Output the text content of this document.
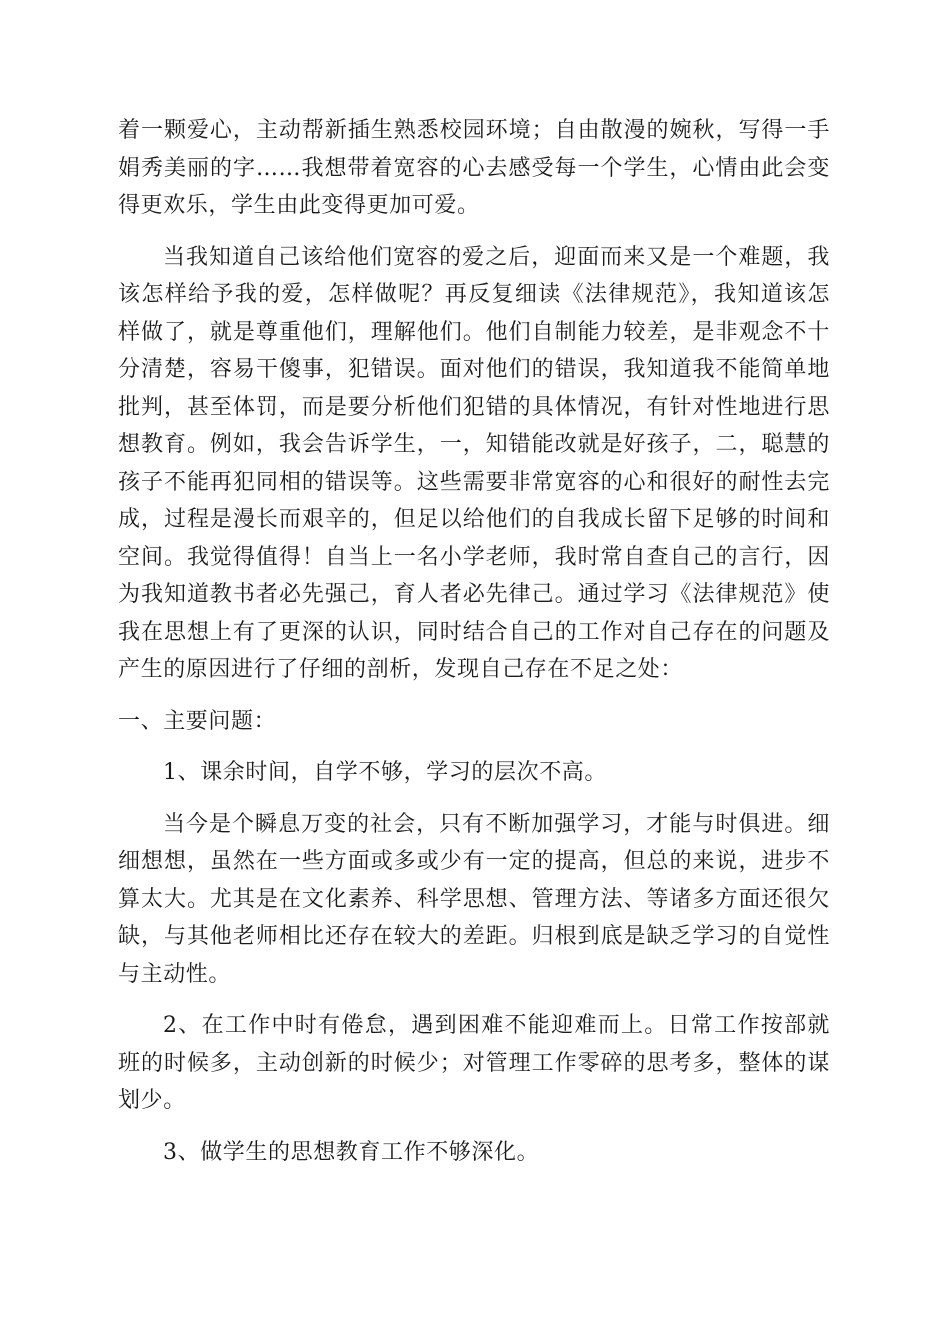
着一颗爱心，主动帮新插生熟悉校园环境；自由散漫的婉秋，写得一手娟秀美丽的字……我想带着宽容的心去感受每一个学生，心情由此会变得更欢乐，学生由此变得更加可爱。

当我知道自己该给他们宽容的爱之后，迎面而来又是一个难题，我该怎样给予我的爱，怎样做呢？再反复细读《法律规范》，我知道该怎样做了，就是尊重他们，理解他们。他们自制能力较差，是非观念不十分清楚，容易干傻事，犯错误。面对他们的错误，我知道我不能简单地批判，甚至体罚，而是要分析他们犯错的具体情况，有针对性地进行思想教育。例如，我会告诉学生，一，知错能改就是好孩子，二，聪慧的孩子不能再犯同相的错误等。这些需要非常宽容的心和很好的耐性去完成，过程是漫长而艰辛的，但足以给他们的自我成长留下足够的时间和空间。我觉得值得！自当上一名小学老师，我时常自查自己的言行，因为我知道教书者必先强己，育人者必先律己。通过学习《法律规范》使我在思想上有了更深的认识，同时结合自己的工作对自己存在的问题及产生的原因进行了仔细的剖析，发现自己存在不足之处：

一、主要问题：

1、课余时间，自学不够，学习的层次不高。

当今是个瞬息万变的社会，只有不断加强学习，才能与时俱进。细细想想，虽然在一些方面或多或少有一定的提高，但总的来说，进步不算太大。尤其是在文化素养、科学思想、管理方法、等诸多方面还很欠缺，与其他老师相比还存在较大的差距。归根到底是缺乏学习的自觉性与主动性。

2、在工作中时有倦怠，遇到困难不能迎难而上。日常工作按部就班的时候多，主动创新的时候少；对管理工作零碎的思考多，整体的谋划少。

3、做学生的思想教育工作不够深化。
